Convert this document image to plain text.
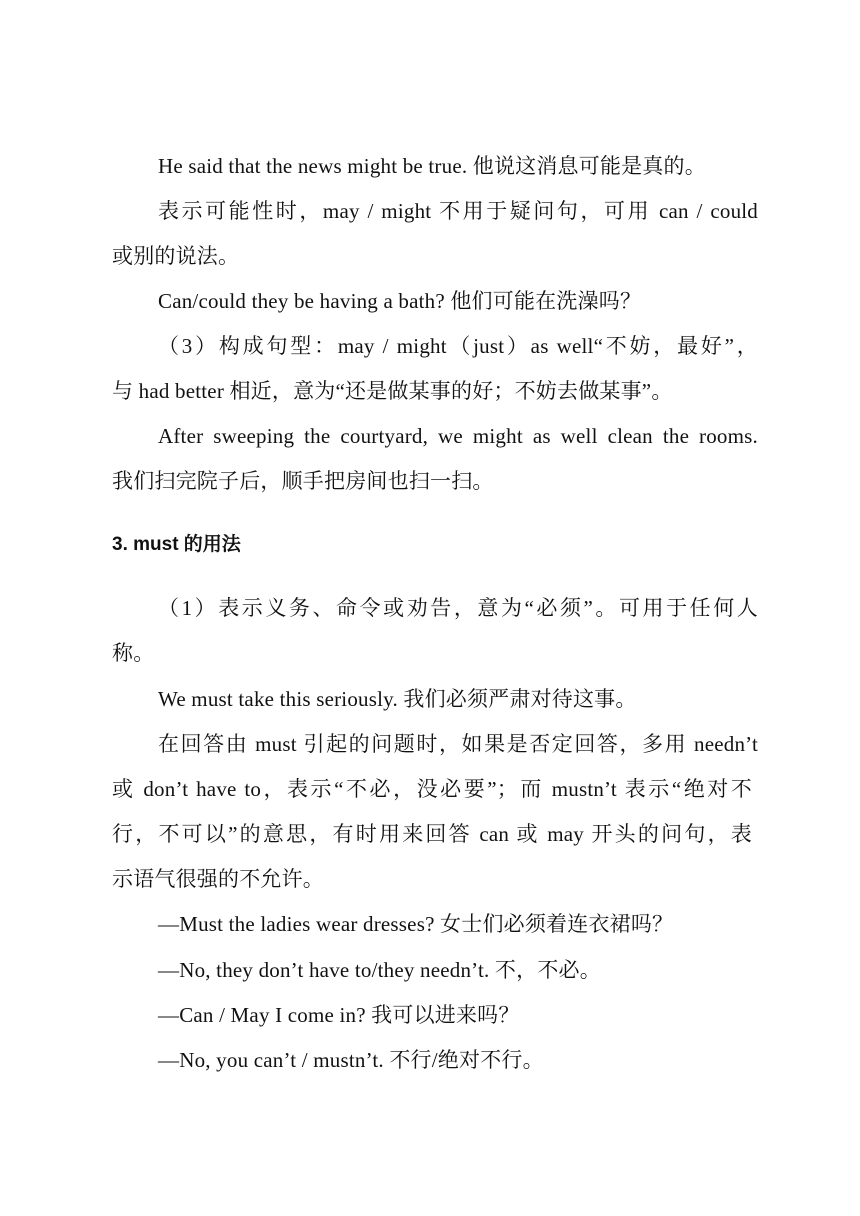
He said that the news might be true. 他说这消息可能是真的。
表示可能性时，may / might 不用于疑问句，可用 can / could
或别的说法。
Can/could they be having a bath? 他们可能在洗澡吗？
（3）构成句型：may / might（just）as well“不妨，最好”，
与 had better 相近，意为“还是做某事的好；不妨去做某事”。
After sweeping the courtyard, we might as well clean the rooms.
我们扫完院子后，顺手把房间也扫一扫。
3. must 的用法
（1）表示义务、命令或劝告，意为“必须”。可用于任何人
称。
We must take this seriously. 我们必须严肃对待这事。
在回答由 must 引起的问题时，如果是否定回答，多用 needn’t
或 don’t have to，表示“不必，没必要”；而 mustn’t 表示“绝对不
行，不可以”的意思，有时用来回答 can 或 may 开头的问句，表
示语气很强的不允许。
—Must the ladies wear dresses? 女士们必须着连衣裙吗？
—No, they don’t have to/they needn’t. 不，不必。
—Can / May I come in? 我可以进来吗？
—No, you can’t / mustn’t. 不行/绝对不行。
